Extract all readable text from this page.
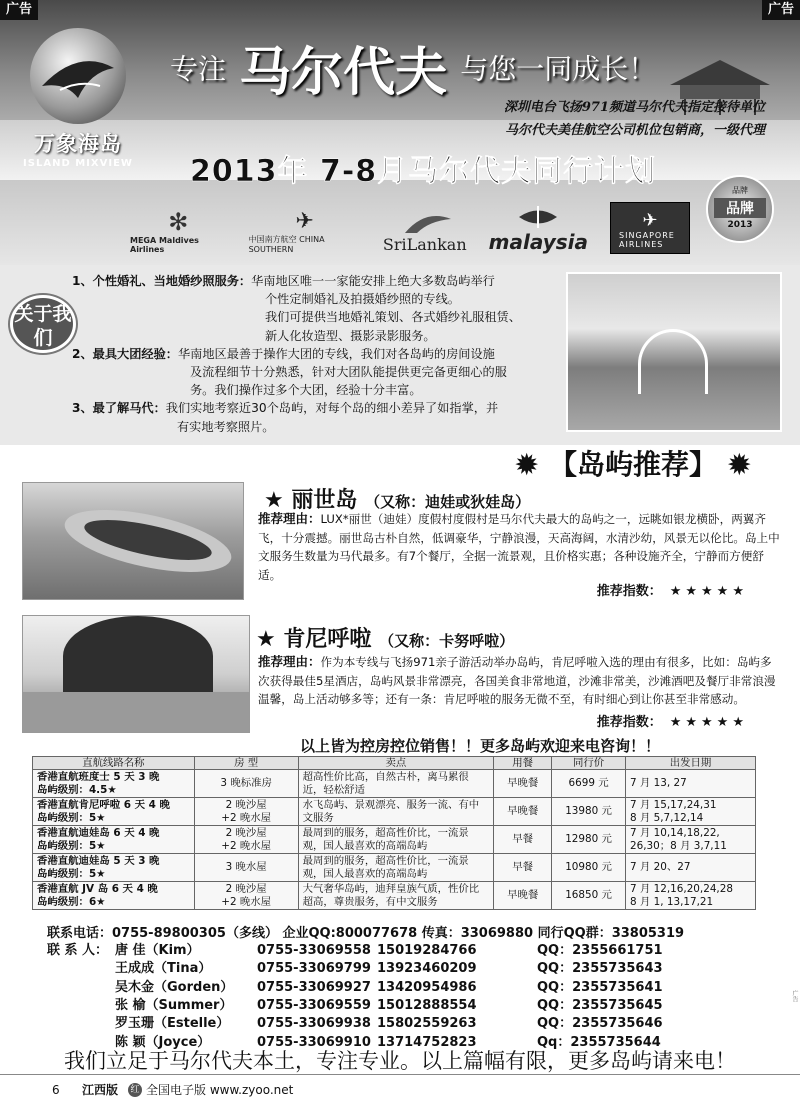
广告	广告
万象海岛
ISLAND MIXVIEW
专注 马尔代夫 与您一同成长！
深圳电台飞扬971频道马尔代夫指定接待单位
马尔代夫美佳航空公司机位包销商，一级代理
2013年 7-8月马尔代夫同行计划
✻
MEGA Maldives Airlines
✈
中国南方航空 CHINA SOUTHERN	SriLankan malaysia
✈
SINGAPORE AIRLINES
品牌
品牌
2013
关于我们
1、个性婚礼、当地婚纱照服务：华南地区唯一一家能安排上绝大多数岛屿举行
个性定制婚礼及拍摄婚纱照的专线。
我们可提供当地婚礼策划、各式婚纱礼服租赁、
新人化妆造型、摄影录影服务。
2、最具大团经验：华南地区最善于操作大团的专线，我们对各岛屿的房间设施
及流程细节十分熟悉，针对大团队能提供更完备更细心的服
务。我们操作过多个大团，经验十分丰富。
3、最了解马代：我们实地考察近30个岛屿，对每个岛的细小差异了如指掌，并
有实地考察照片。
✹ 【岛屿推荐】 ✹
★ 丽世岛 （又称：迪娃或狄娃岛）
推荐理由：LUX*丽世（迪娃）度假村度假村是马尔代夫最大的岛屿之一，远眺如银龙横卧，两翼齐飞，十分震撼。丽世岛古朴自然，低调豪华，宁静浪漫，天高海阔，水清沙幼，风景无以伦比。岛上中文服务生数量为马代最多。有7个餐厅，全据一流景观，且价格实惠；各种设施齐全，宁静而方便舒适。
推荐指数： ★★★★★
★ 肯尼呼啦 （又称：卡努呼啦）
推荐理由：作为本专线与飞扬971亲子游活动举办岛屿，肯尼呼啦入选的理由有很多，比如：岛屿多次获得最佳5星酒店，岛屿风景非常漂亮，各国美食非常地道，沙滩非常美，沙滩酒吧及餐厅非常浪漫温馨，岛上活动够多等；还有一条：肯尼呼啦的服务无微不至，有时细心到让你甚至非常感动。
推荐指数： ★★★★★
以上皆为控房控位销售！！更多岛屿欢迎来电咨询！！
直航线路名称	房 型	卖点	用餐	同行价	出发日期
香港直航班度士 5 天 3 晚
岛屿级别：4.5★	3 晚标准房	超高性价比高，自然古朴，离马累很近，轻松舒适	早晚餐	6699 元	7 月 13, 27
香港直航肯尼呼啦 6 天 4 晚
岛屿级别：5★	2 晚沙屋
+2 晚水屋	水飞岛屿、景观漂亮、服务一流、有中文服务	早晚餐	13980 元	7 月 15,17,24,31
8 月 5,7,12,14
香港直航迪娃岛 6 天 4 晚
岛屿级别：5★	2 晚沙屋
+2 晚水屋	最周到的服务，超高性价比，一流景观，国人最喜欢的高端岛屿	早餐	12980 元	7 月 10,14,18,22,
26,30；8 月 3,7,11
香港直航迪娃岛 5 天 3 晚
岛屿级别：5★	3 晚水屋	最周到的服务，超高性价比，一流景观，国人最喜欢的高端岛屿	早餐	10980 元	7 月 20、27
香港直航 JV 岛 6 天 4 晚
岛屿级别：6★	2 晚沙屋
+2 晚水屋	大气奢华岛屿，迪拜皇族气质，性价比超高，尊贵服务，有中文服务	早晚餐	16850 元	7 月 12,16,20,24,28
8 月 1, 13,17,21
联系电话：0755-89800305（多线） 企业QQ:800077678 传真：33069880 同行QQ群：33805319
联 系 人： 唐 佳（Kim）	0755-33069558 15019284766	QQ：2355661751
王成成（Tina）	0755-33069799 13923460209	QQ：2355735643
吴木金（Gorden） 0755-33069927 13420954986	QQ：2355735641
张 榆（Summer） 0755-33069559 15012888554	QQ：2355735645
罗玉珊（Estelle） 0755-33069938 15802559263	QQ：2355735646
陈 颖（Joyce）	0755-33069910 13714752823	Qq：2355735644
我们立足于马尔代夫本土，专注专业。以上篇幅有限，更多岛屿请来电！
广告
6 江西版 红 全国电子版 www.zyoo.net
